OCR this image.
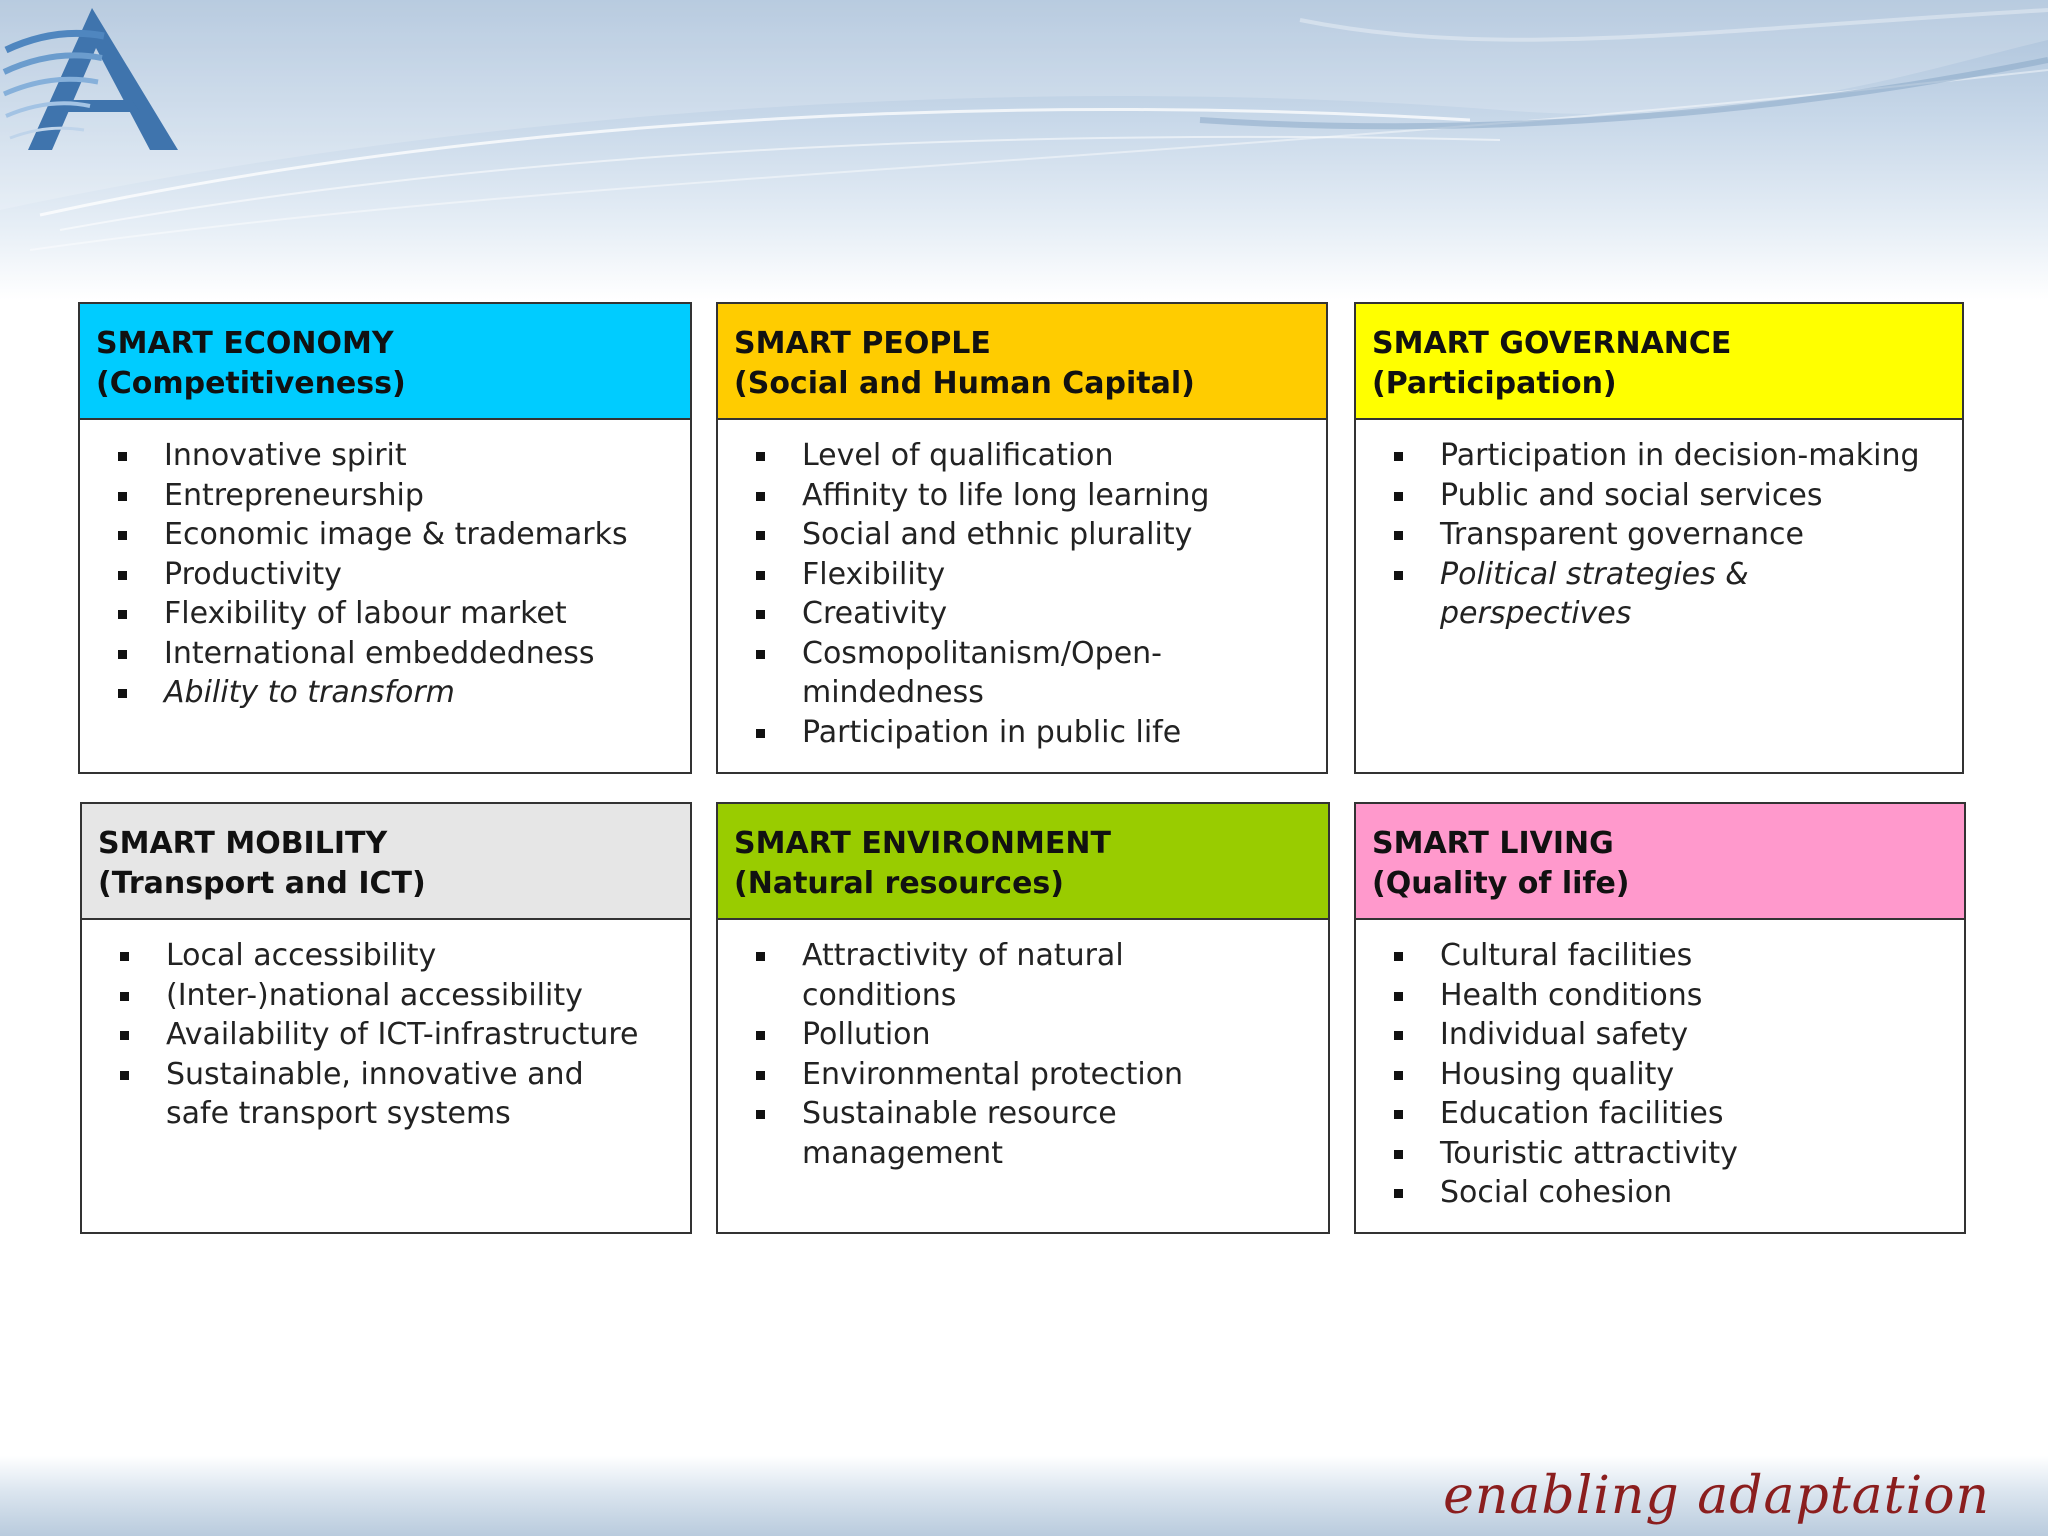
SMART ECONOMY
(Competitiveness)
Innovative spirit
Entrepreneurship
Economic image & trademarks
Productivity
Flexibility of labour market
International embeddedness
Ability to transform
SMART PEOPLE
(Social and Human Capital)
Level of qualification
Affinity to life long learning
Social and ethnic plurality
Flexibility
Creativity
Cosmopolitanism/Open-mindedness
Participation in public life
SMART GOVERNANCE
(Participation)
Participation in decision-making
Public and social services
Transparent governance
Political strategies & perspectives
SMART MOBILITY
(Transport and ICT)
Local accessibility
(Inter-)national accessibility
Availability of ICT-infrastructure
Sustainable, innovative and safe transport systems
SMART ENVIRONMENT
(Natural resources)
Attractivity of natural conditions
Pollution
Environmental protection
Sustainable resource management
SMART LIVING
(Quality of life)
Cultural facilities
Health conditions
Individual safety
Housing quality
Education facilities
Touristic attractivity
Social cohesion
enabling adaptation
